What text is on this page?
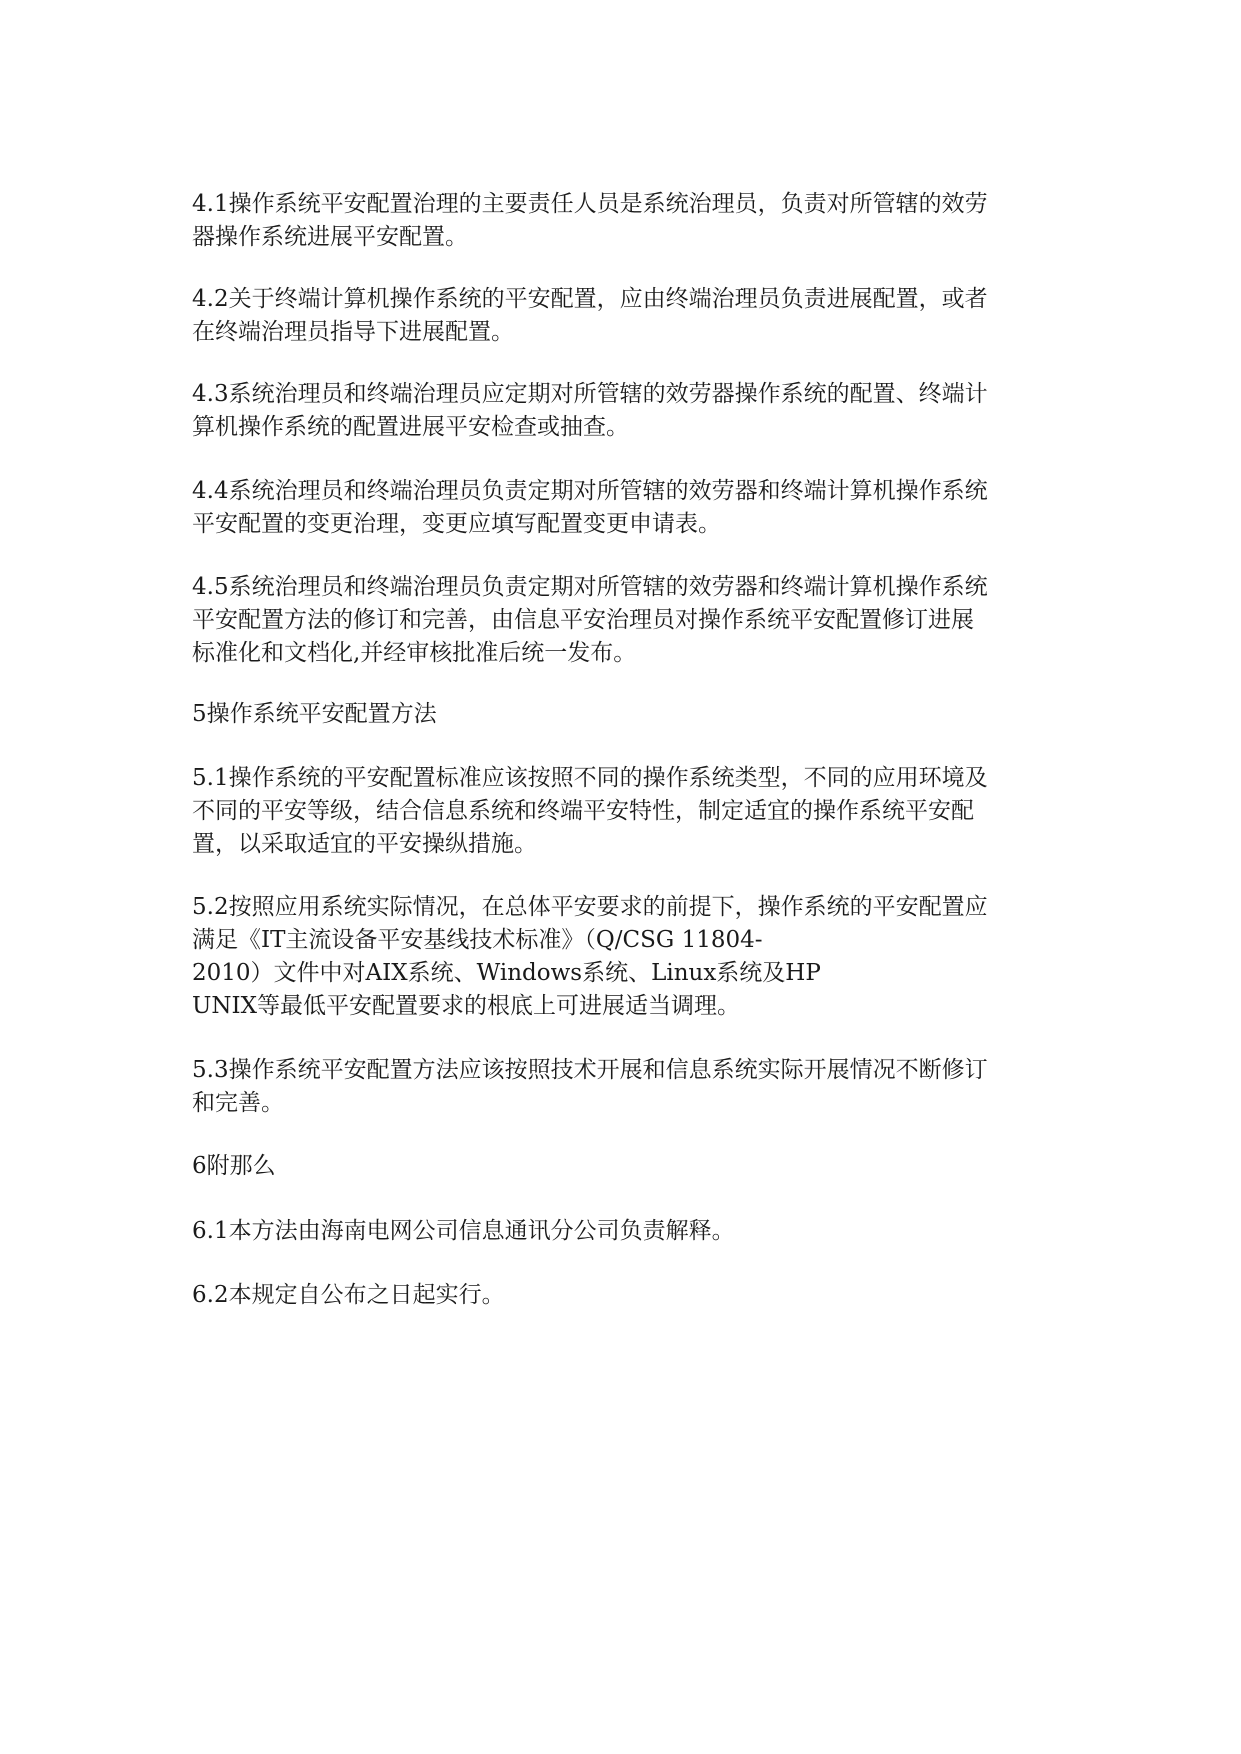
4.1操作系统平安配置治理的主要责任人员是系统治理员，负责对所管辖的效劳
器操作系统进展平安配置。

4.2关于终端计算机操作系统的平安配置，应由终端治理员负责进展配置，或者
在终端治理员指导下进展配置。

4.3系统治理员和终端治理员应定期对所管辖的效劳器操作系统的配置、终端计
算机操作系统的配置进展平安检查或抽查。

4.4系统治理员和终端治理员负责定期对所管辖的效劳器和终端计算机操作系统
平安配置的变更治理，变更应填写配置变更申请表。

4.5系统治理员和终端治理员负责定期对所管辖的效劳器和终端计算机操作系统
平安配置方法的修订和完善，由信息平安治理员对操作系统平安配置修订进展
标准化和文档化,并经审核批准后统一发布。

5操作系统平安配置方法

5.1操作系统的平安配置标准应该按照不同的操作系统类型，不同的应用环境及
不同的平安等级，结合信息系统和终端平安特性，制定适宜的操作系统平安配
置，以采取适宜的平安操纵措施。

5.2按照应用系统实际情况，在总体平安要求的前提下，操作系统的平安配置应
满足《IT主流设备平安基线技术标准》（Q/CSG 11804-
2010）文件中对AIX系统、Windows系统、Linux系统及HP
UNIX等最低平安配置要求的根底上可进展适当调理。

5.3操作系统平安配置方法应该按照技术开展和信息系统实际开展情况不断修订
和完善。

6附那么

6.1本方法由海南电网公司信息通讯分公司负责解释。

6.2本规定自公布之日起实行。
